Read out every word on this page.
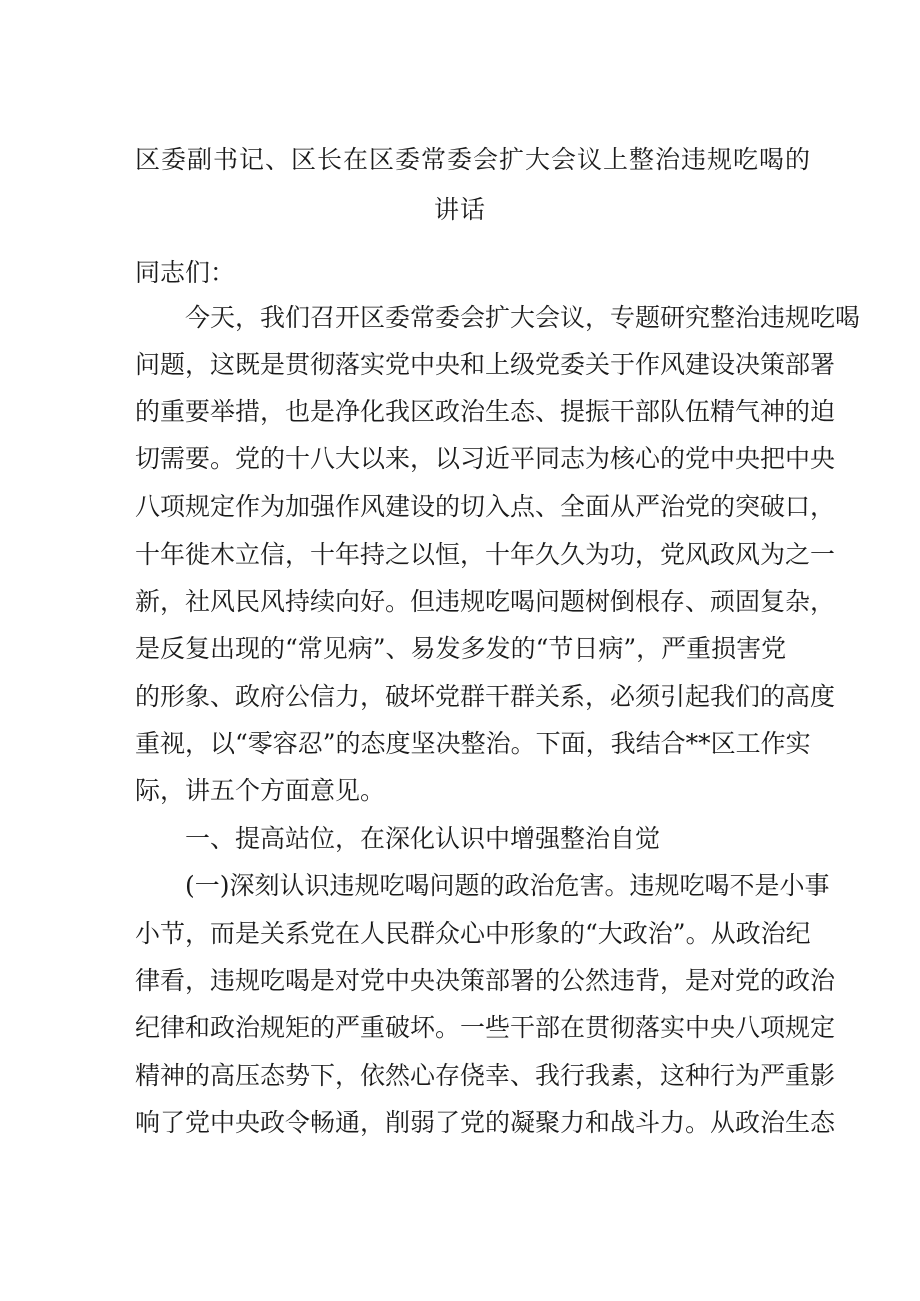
区委副书记、区长在区委常委会扩大会议上整治违规吃喝的
讲话
同志们：
今天，我们召开区委常委会扩大会议，专题研究整治违规吃喝
问题，这既是贯彻落实党中央和上级党委关于作风建设决策部署
的重要举措，也是净化我区政治生态、提振干部队伍精气神的迫
切需要。党的十八大以来，以习近平同志为核心的党中央把中央
八项规定作为加强作风建设的切入点、全面从严治党的突破口，
十年徙木立信，十年持之以恒，十年久久为功，党风政风为之一
新，社风民风持续向好。但违规吃喝问题树倒根存、顽固复杂，
是反复出现的“常见病”、易发多发的“节日病”，严重损害党
的形象、政府公信力，破坏党群干群关系，必须引起我们的高度
重视，以“零容忍”的态度坚决整治。下面，我结合**区工作实
际，讲五个方面意见。
一、提高站位，在深化认识中增强整治自觉
(一)深刻认识违规吃喝问题的政治危害。违规吃喝不是小事
小节，而是关系党在人民群众心中形象的“大政治”。从政治纪
律看，违规吃喝是对党中央决策部署的公然违背，是对党的政治
纪律和政治规矩的严重破坏。一些干部在贯彻落实中央八项规定
精神的高压态势下，依然心存侥幸、我行我素，这种行为严重影
响了党中央政令畅通，削弱了党的凝聚力和战斗力。从政治生态
